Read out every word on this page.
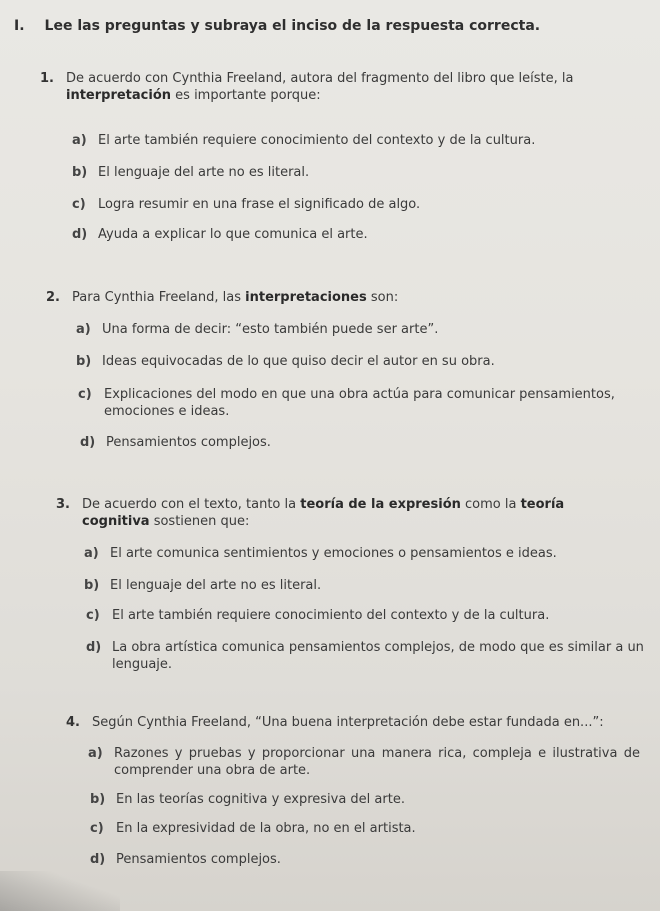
I. Lee las preguntas y subraya el inciso de la respuesta correcta.
1. De acuerdo con Cynthia Freeland, autora del fragmento del libro que leíste, la interpretación es importante porque:
a) El arte también requiere conocimiento del contexto y de la cultura.
b) El lenguaje del arte no es literal.
c) Logra resumir en una frase el significado de algo.
d) Ayuda a explicar lo que comunica el arte.
2. Para Cynthia Freeland, las interpretaciones son:
a) Una forma de decir: “esto también puede ser arte”.
b) Ideas equivocadas de lo que quiso decir el autor en su obra.
c) Explicaciones del modo en que una obra actúa para comunicar pensamientos, emociones e ideas.
d) Pensamientos complejos.
3. De acuerdo con el texto, tanto la teoría de la expresión como la teoría cognitiva sostienen que:
a) El arte comunica sentimientos y emociones o pensamientos e ideas.
b) El lenguaje del arte no es literal.
c) El arte también requiere conocimiento del contexto y de la cultura.
d) La obra artística comunica pensamientos complejos, de modo que es similar a un lenguaje.
4. Según Cynthia Freeland, “Una buena interpretación debe estar fundada en...”:
a) Razones y pruebas y proporcionar una manera rica, compleja e ilustrativa de comprender una obra de arte.
b) En las teorías cognitiva y expresiva del arte.
c) En la expresividad de la obra, no en el artista.
d) Pensamientos complejos.
